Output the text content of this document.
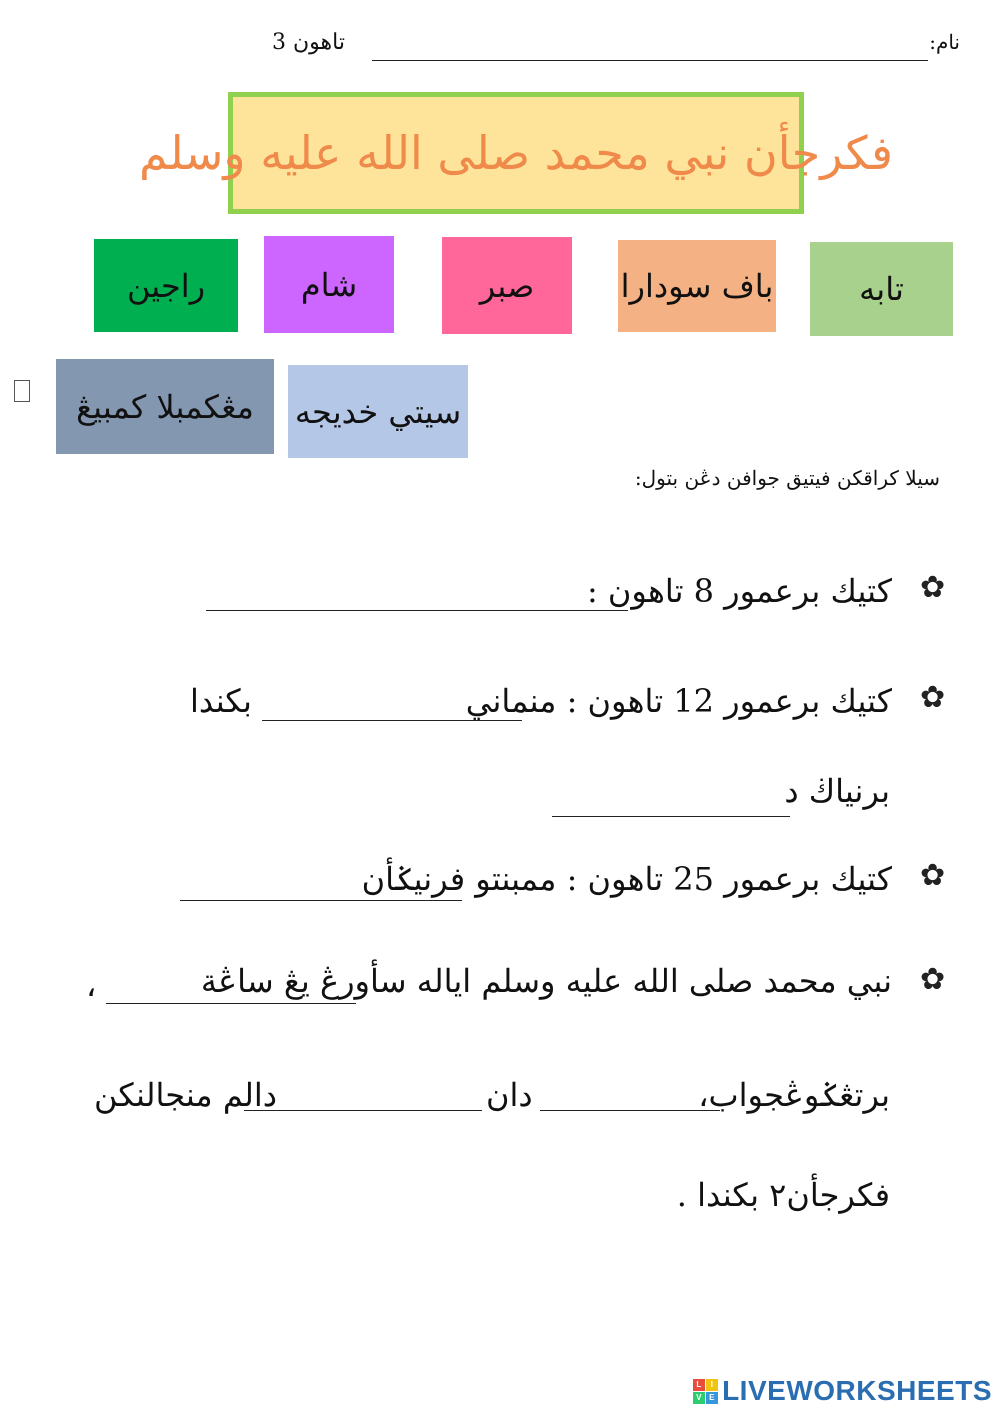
نام:
تاهون 3
فكرجأن نبي محمد صلى الله عليه وسلم
تابه
باف سودارا
صبر
شام
راجين
سيتي خديجه
مڠكمبلا كمبيڠ
سيلا كراقكن فيتيق جوافن دڠن بتول:
✿
كتيك برعمور 8 تاهون :
✿
كتيك برعمور 12 تاهون : منماني
بكندا
برنياڬ د
✿
كتيك برعمور 25 تاهون : ممبنتو فرنيݢأن
✿
نبي محمد صلى الله عليه وسلم اياله سأورڠ يڠ ساڠة
،
برتڠݢوڠجواب،
دان
دالم منجالنكن
فكرجأن٢ بكندا .
L	I
V E LIVEWORKSHEETS
